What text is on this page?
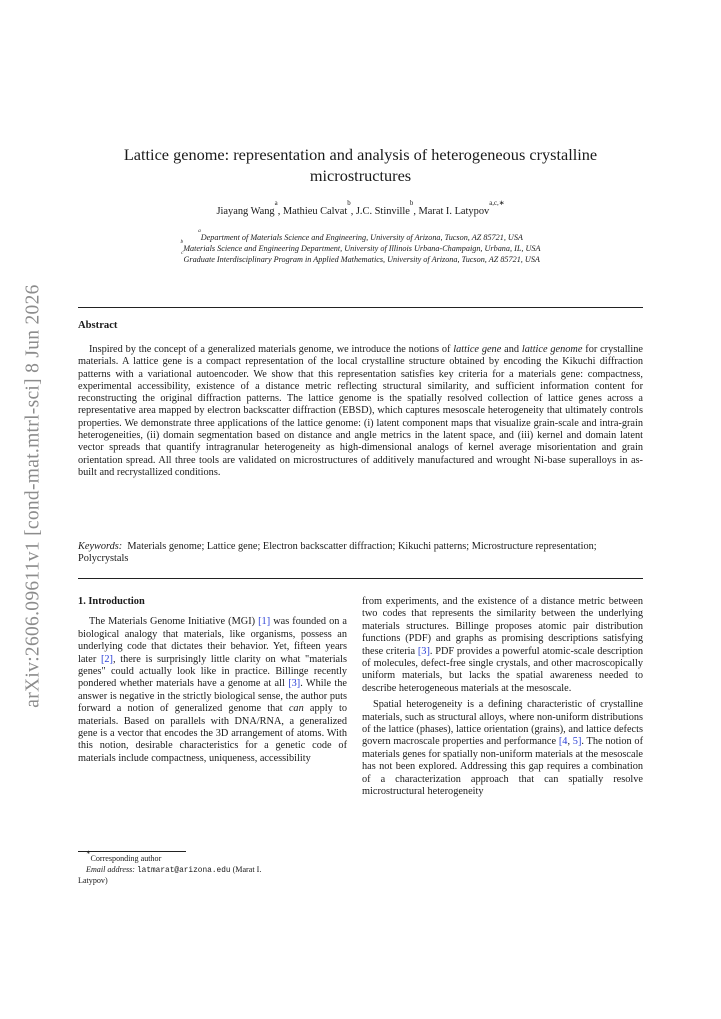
arXiv:2606.09611v1 [cond-mat.mtrl-sci] 8 Jun 2026
Lattice genome: representation and analysis of heterogeneous crystalline
microstructures
Jiayang Wang$^a$, Mathieu Calvat$^b$, J.C. Stinville$^b$, Marat I. Latypov$^{a,c,∗}$
$^a$Department of Materials Science and Engineering, University of Arizona, Tucson, AZ 85721, USA
$^b$Materials Science and Engineering Department, University of Illinois Urbana-Champaign, Urbana, IL, USA
$^c$Graduate Interdisciplinary Program in Applied Mathematics, University of Arizona, Tucson, AZ 85721, USA
Abstract
Inspired by the concept of a generalized materials genome, we introduce the notions of lattice gene and lattice genome for crystalline materials. A lattice gene is a compact representation of the local crystalline structure obtained by encoding the Kikuchi diffraction patterns with a variational autoencoder. We show that this representation satisfies key criteria for a materials gene: compactness, experimental accessibility, existence of a distance metric reflecting structural similarity, and sufficient information content for reconstructing the original diffraction patterns. The lattice genome is the spatially resolved collection of lattice genes across a representative area mapped by electron backscatter diffraction (EBSD), which captures mesoscale heterogeneity that ultimately controls properties. We demonstrate three applications of the lattice genome: (i) latent component maps that visualize grain-scale and intra-grain heterogeneities, (ii) domain segmentation based on distance and angle metrics in the latent space, and (iii) kernel and domain latent vector spreads that quantify intragranular heterogeneity as high-dimensional analogs of kernel average misorientation and grain orientation spread. All three tools are validated on microstructures of additively manufactured and wrought Ni-base superalloys in as-built and recrystallized conditions.
Keywords: Materials genome; Lattice gene; Electron backscatter diffraction; Kikuchi patterns; Microstructure representation; Polycrystals
1. Introduction

The Materials Genome Initiative (MGI) [1] was founded on a biological analogy that materials, like organisms, possess an underlying code that dictates their behavior. Yet, fifteen years later [2], there is surprisingly little clarity on what "materials genes" could actually look like in practice. Billinge recently pondered whether materials have a genome at all [3]. While the answer is negative in the strictly biological sense, the author puts forward a notion of generalized genome that can apply to materials. Based on parallels with DNA/RNA, a generalized gene is a vector that encodes the 3D arrangement of atoms. With this notion, desirable characteristics for a genetic code of materials include compactness, uniqueness, accessibility

∗Corresponding author
Email address: latmarat@arizona.edu (Marat I.
Latypov)

from experiments, and the existence of a distance metric between two codes that represents the similarity between the underlying materials structures. Billinge proposes atomic pair distribution functions (PDF) and graphs as promising descriptions satisfying these criteria [3]. PDF provides a powerful atomic-scale description of molecules, defect-free single crystals, and other macroscopically uniform materials, but lacks the spatial awareness needed to describe heterogeneous materials at the mesoscale.

Spatial heterogeneity is a defining characteristic of crystalline materials, such as structural alloys, where non-uniform distributions of the lattice (phases), lattice orientation (grains), and lattice defects govern macroscale properties and performance [4, 5]. The notion of materials genes for spatially non-uniform materials at the mesoscale has not been explored. Addressing this gap requires a combination of a characterization approach that can spatially resolve microstructural heterogeneity
